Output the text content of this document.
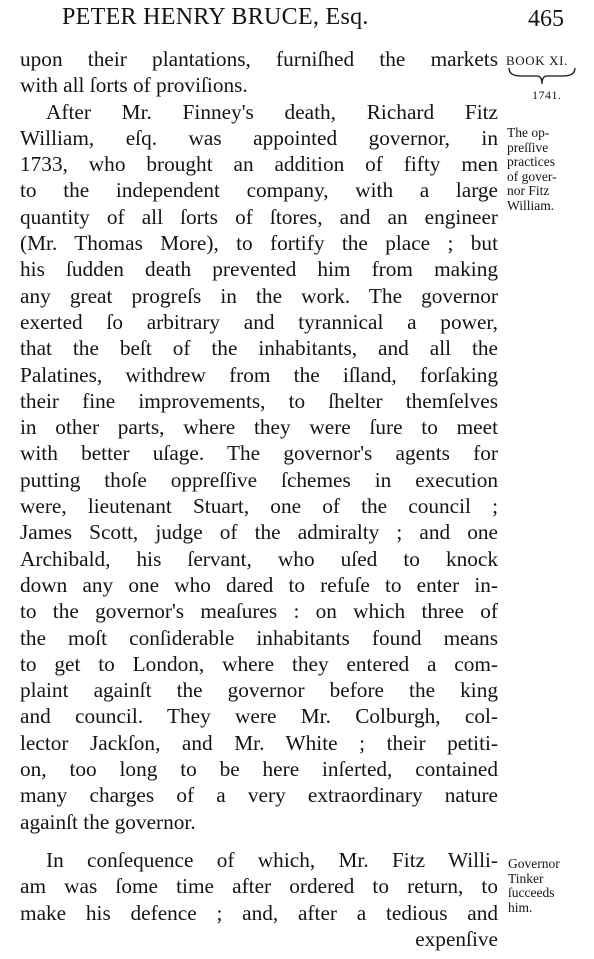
PETER HENRY BRUCE, Esq.	465
BOOK XI.
1741.
The op-
preſſive
practices
of gover-
nor Fitz
William.
Governor
Tinker
ſucceeds
him.
upon their plantations, furniſhed the markets
with all ſorts of proviſions.
After Mr. Finney's death, Richard Fitz
William, eſq. was appointed governor, in
1733, who brought an addition of fifty men
to the independent company, with a large
quantity of all ſorts of ſtores, and an engineer
(Mr. Thomas More), to fortify the place ; but
his ſudden death prevented him from making
any great progreſs in the work. The governor
exerted ſo arbitrary and tyrannical a power,
that the beſt of the inhabitants, and all the
Palatines, withdrew from the iſland, forſaking
their fine improvements, to ſhelter themſelves
in other parts, where they were ſure to meet
with better uſage. The governor's agents for
putting thoſe oppreſſive ſchemes in execution
were, lieutenant Stuart, one of the council ;
James Scott, judge of the admiralty ; and one
Archibald, his ſervant, who uſed to knock
down any one who dared to refuſe to enter in-
to the governor's meaſures : on which three of
the moſt conſiderable inhabitants found means
to get to London, where they entered a com-
plaint againſt the governor before the king
and council. They were Mr. Colburgh, col-
lector Jackſon, and Mr. White ; their petiti-
on, too long to be here inſerted, contained
many charges of a very extraordinary nature
againſt the governor.
In conſequence of which, Mr. Fitz Willi-
am was ſome time after ordered to return, to
make his defence ; and, after a tedious and
expenſive
